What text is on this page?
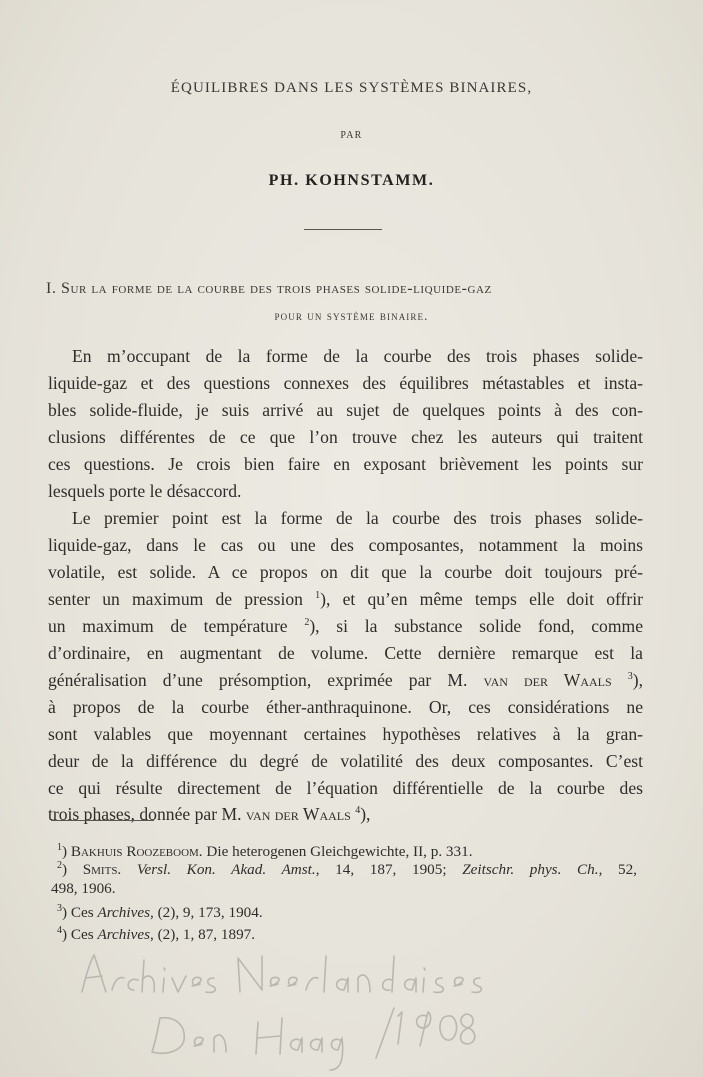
ÉQUILIBRES DANS LES SYSTÈMES BINAIRES,
PAR
PH. KOHNSTAMM.
I. Sur la forme de la courbe des trois phases solide-liquide-gaz
pour un système binaire.
En m’occupant de la forme de la courbe des trois phases solide-
liquide-gaz et des questions connexes des équilibres métastables et insta-
bles solide-fluide, je suis arrivé au sujet de quelques points à des con-
clusions différentes de ce que l’on trouve chez les auteurs qui traitent
ces questions. Je crois bien faire en exposant brièvement les points sur
lesquels porte le désaccord.
Le premier point est la forme de la courbe des trois phases solide-
liquide-gaz, dans le cas ou une des composantes, notamment la moins
volatile, est solide. A ce propos on dit que la courbe doit toujours pré-
senter un maximum de pression $^1$), et qu’en même temps elle doit offrir
un maximum de température $^2$), si la substance solide fond, comme
d’ordinaire, en augmentant de volume. Cette dernière remarque est la
généralisation d’une présomption, exprimée par M. van der Waals $^3$),
à propos de la courbe éther-anthraquinone. Or, ces considérations ne
sont valables que moyennant certaines hypothèses relatives à la gran-
deur de la différence du degré de volatilité des deux composantes. C’est
ce qui résulte directement de l’équation différentielle de la courbe des
trois phases, donnée par M. van der Waals $^4$),
$^1$) Bakhuis Roozeboom. Die heterogenen Gleichgewichte, II, p. 331.
$^2$) Smits. Versl. Kon. Akad. Amst., 14, 187, 1905; Zeitschr. phys. Ch., 52,
498, 1906.
$^3$) Ces Archives, (2), 9, 173, 1904.
$^4$) Ces Archives, (2), 1, 87, 1897.
